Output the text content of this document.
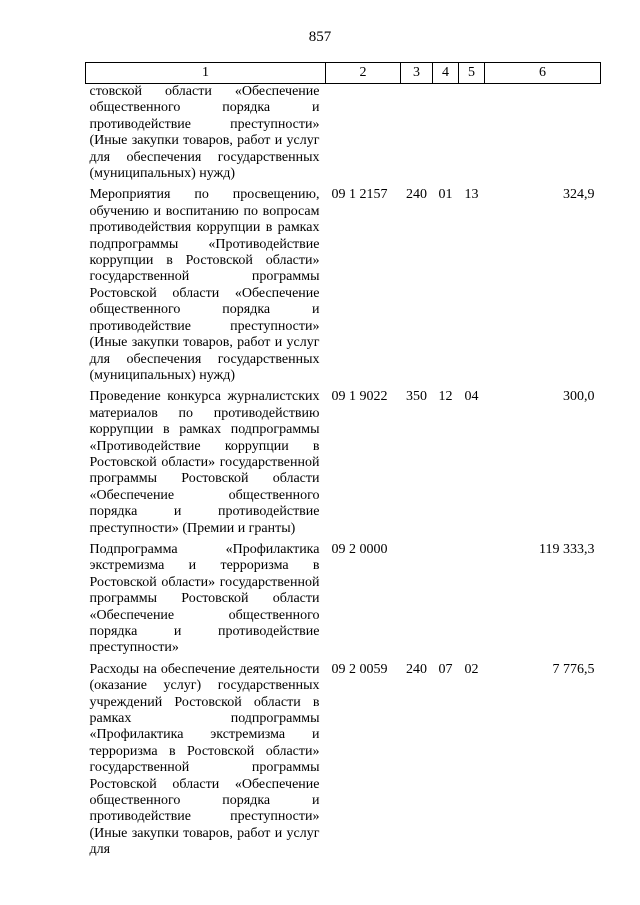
857
1	2	3	4	5	6
стовской области «Обеспечение общественного порядка и противодействие преступности» (Иные закупки товаров, работ и услуг для обеспечения государственных (муниципальных) нужд)					
Мероприятия по просвещению, обучению и воспитанию по вопросам противодействия коррупции в рамках подпрограммы «Противодействие коррупции в Ростовской области» государственной программы Ростовской области «Обеспечение общественного порядка и противодействие преступности» (Иные закупки товаров, работ и услуг для обеспечения государственных (муниципальных) нужд)	09 1 2157	240	01	13	324,9
Проведение конкурса журналистских материалов по противодействию коррупции в рамках подпрограммы «Противодействие коррупции в Ростовской области» государственной программы Ростовской области «Обеспечение общественного порядка и противодействие преступности» (Премии и гранты)	09 1 9022	350	12	04	300,0
Подпрограмма «Профилактика экстремизма и терроризма в Ростовской области» государственной программы Ростовской области «Обеспечение общественного порядка и противодействие преступности»	09 2 0000				119 333,3
Расходы на обеспечение деятельности (оказание услуг) государственных учреждений Ростовской области в рамках подпрограммы «Профилактика экстремизма и терроризма в Ростовской области» государственной программы Ростовской области «Обеспечение общественного порядка и противодействие преступности» (Иные закупки товаров, работ и услуг для	09 2 0059	240	07	02	7 776,5
